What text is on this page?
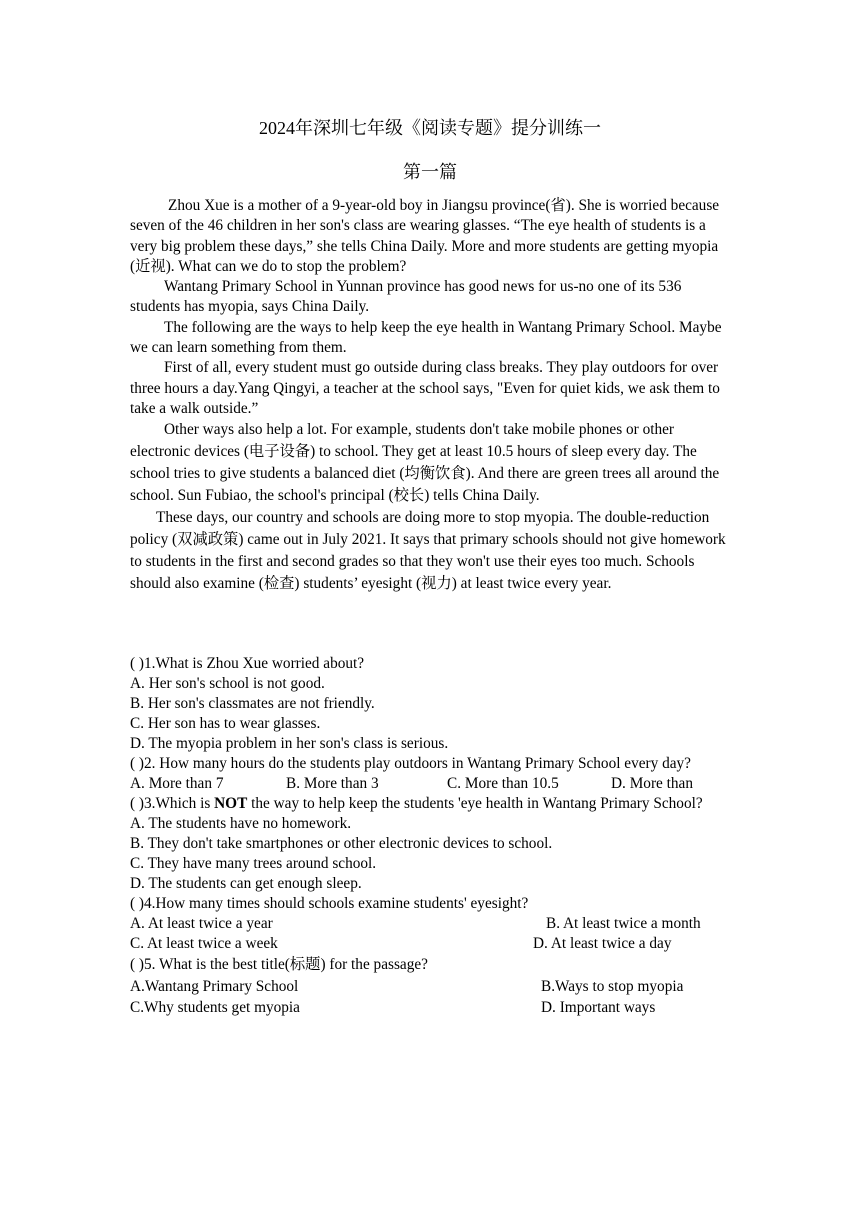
2024年深圳七年级《阅读专题》提分训练一
第一篇

Zhou Xue is a mother of a 9-year-old boy in Jiangsu province(省). She is worried because seven of the 46 children in her son's class are wearing glasses. “The eye health of students is a very big problem these days,” she tells China Daily. More and more students are getting myopia (近视). What can we do to stop the problem?

Wantang Primary School in Yunnan province has good news for us-no one of its 536 students has myopia, says China Daily.

The following are the ways to help keep the eye health in Wantang Primary School. Maybe we can learn something from them.

First of all, every student must go outside during class breaks. They play outdoors for over three hours a day.Yang Qingyi, a teacher at the school says, "Even for quiet kids, we ask them to take a walk outside.”

Other ways also help a lot. For example, students don't take mobile phones or other electronic devices (电子设备) to school. They get at least 10.5 hours of sleep every day. The school tries to give students a balanced diet (均衡饮食). And there are green trees all around the school. Sun Fubiao, the school's principal (校长) tells China Daily.

These days, our country and schools are doing more to stop myopia. The double-reduction policy (双减政策) came out in July 2021. It says that primary schools should not give homework to students in the first and second grades so that they won't use their eyes too much. Schools should also examine (检查) students’ eyesight (视力) at least twice every year.

( )1.What is Zhou Xue worried about?
A. Her son's school is not good.
B. Her son's classmates are not friendly.
C. Her son has to wear glasses.
D. The myopia problem in her son's class is serious.
( )2. How many hours do the students play outdoors in Wantang Primary School every day?
A. More than 7	B. More than 3	C. More than 10.5	D. More than
( )3.Which is NOT the way to help keep the students 'eye health in Wantang Primary School?
A. The students have no homework.
B. They don't take smartphones or other electronic devices to school.
C. They have many trees around school.
D. The students can get enough sleep.
( )4.How many times should schools examine students' eyesight?
A. At least twice a year	B. At least twice a month
C. At least twice a week	D. At least twice a day
( )5. What is the best title(标题) for the passage?
A.Wantang Primary School	B.Ways to stop myopia
C.Why students get myopia	D. Important ways
